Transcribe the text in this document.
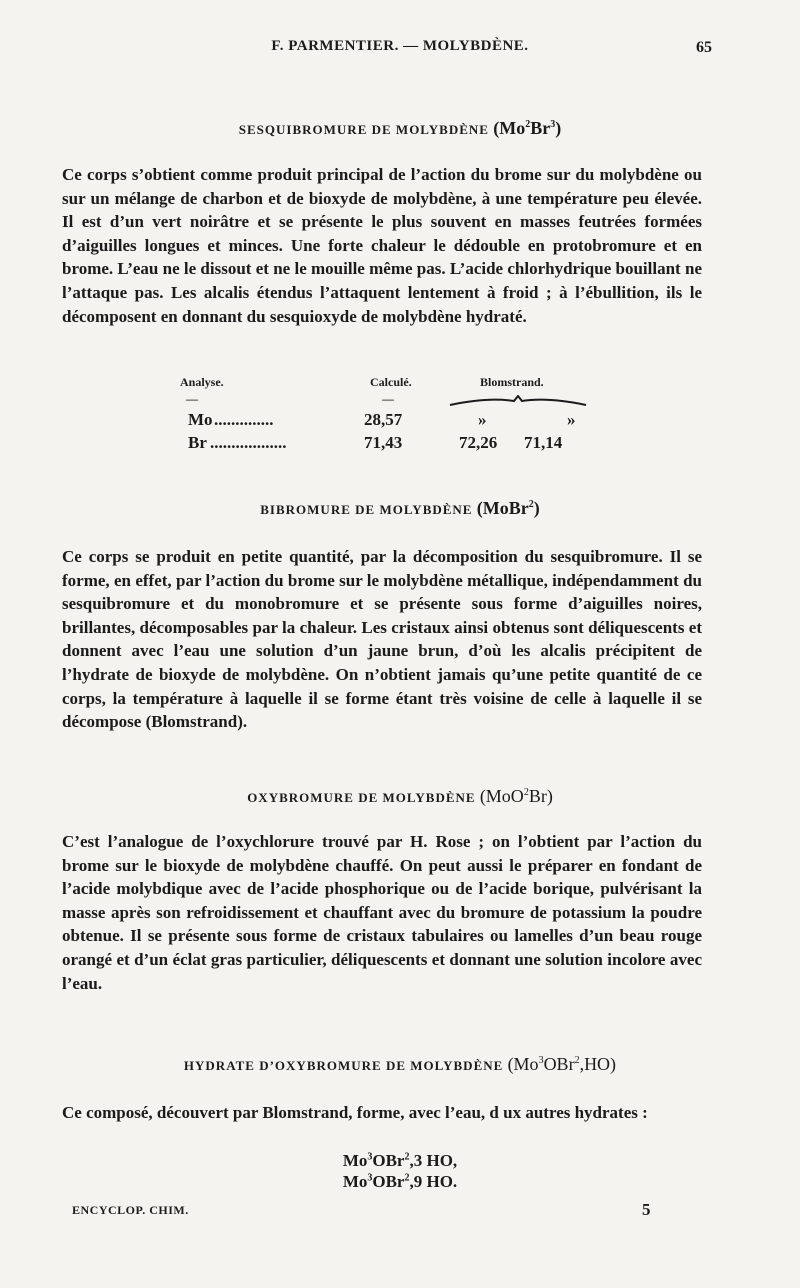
F. PARMENTIER. — MOLYBDÈNE.	65
SESQUIBROMURE DE MOLYBDÈNE (Mo$^2$Br$^3$)

Ce corps s’obtient comme produit principal de l’action du brome sur du molybdène ou sur un mélange de charbon et de bioxyde de molybdène, à une température peu élevée. Il est d’un vert noirâtre et se présente le plus souvent en masses feutrées formées d’aiguilles longues et minces. Une forte chaleur le dédouble en protobromure et en brome. L’eau ne le dissout et ne le mouille même pas. L’acide chlorhydrique bouillant ne l’attaque pas. Les alcalis étendus l’attaquent lentement à froid ; à l’ébullition, ils le décomposent en donnant du sesquioxyde de molybdène hydraté.

Analyse.	Calculé.	Blomstrand.
—	—
Mo ..............	28,57	»	»
Br ..................	71,43	72,26 71,14
BIBROMURE DE MOLYBDÈNE (MoBr$^2$)

Ce corps se produit en petite quantité, par la décomposition du sesquibromure. Il se forme, en effet, par l’action du brome sur le molybdène métallique, indépendamment du sesquibromure et du monobromure et se présente sous forme d’aiguilles noires, brillantes, décomposables par la chaleur. Les cristaux ainsi obtenus sont déliquescents et donnent avec l’eau une solution d’un jaune brun, d’où les alcalis précipitent de l’hydrate de bioxyde de molybdène. On n’obtient jamais qu’une petite quantité de ce corps, la température à laquelle il se forme étant très voisine de celle à laquelle il se décompose (Blomstrand).

OXYBROMURE DE MOLYBDÈNE (MoO$^2$Br)

C’est l’analogue de l’oxychlorure trouvé par H. Rose ; on l’obtient par l’action du brome sur le bioxyde de molybdène chauffé. On peut aussi le préparer en fondant de l’acide molybdique avec de l’acide phosphorique ou de l’acide borique, pulvérisant la masse après son refroidissement et chauffant avec du bromure de potassium la poudre obtenue. Il se présente sous forme de cristaux tabulaires ou lamelles d’un beau rouge orangé et d’un éclat gras particulier, déliquescents et donnant une solution incolore avec l’eau.

HYDRATE D’OXYBROMURE DE MOLYBDÈNE (Mo$^3$OBr$^2$,HO)

Ce composé, découvert par Blomstrand, forme, avec l’eau, d ux autres hydrates :

Mo$^3$OBr$^2$,3 HO,
Mo$^3$OBr$^2$,9 HO.
ENCYCLOP. CHIM.	5
